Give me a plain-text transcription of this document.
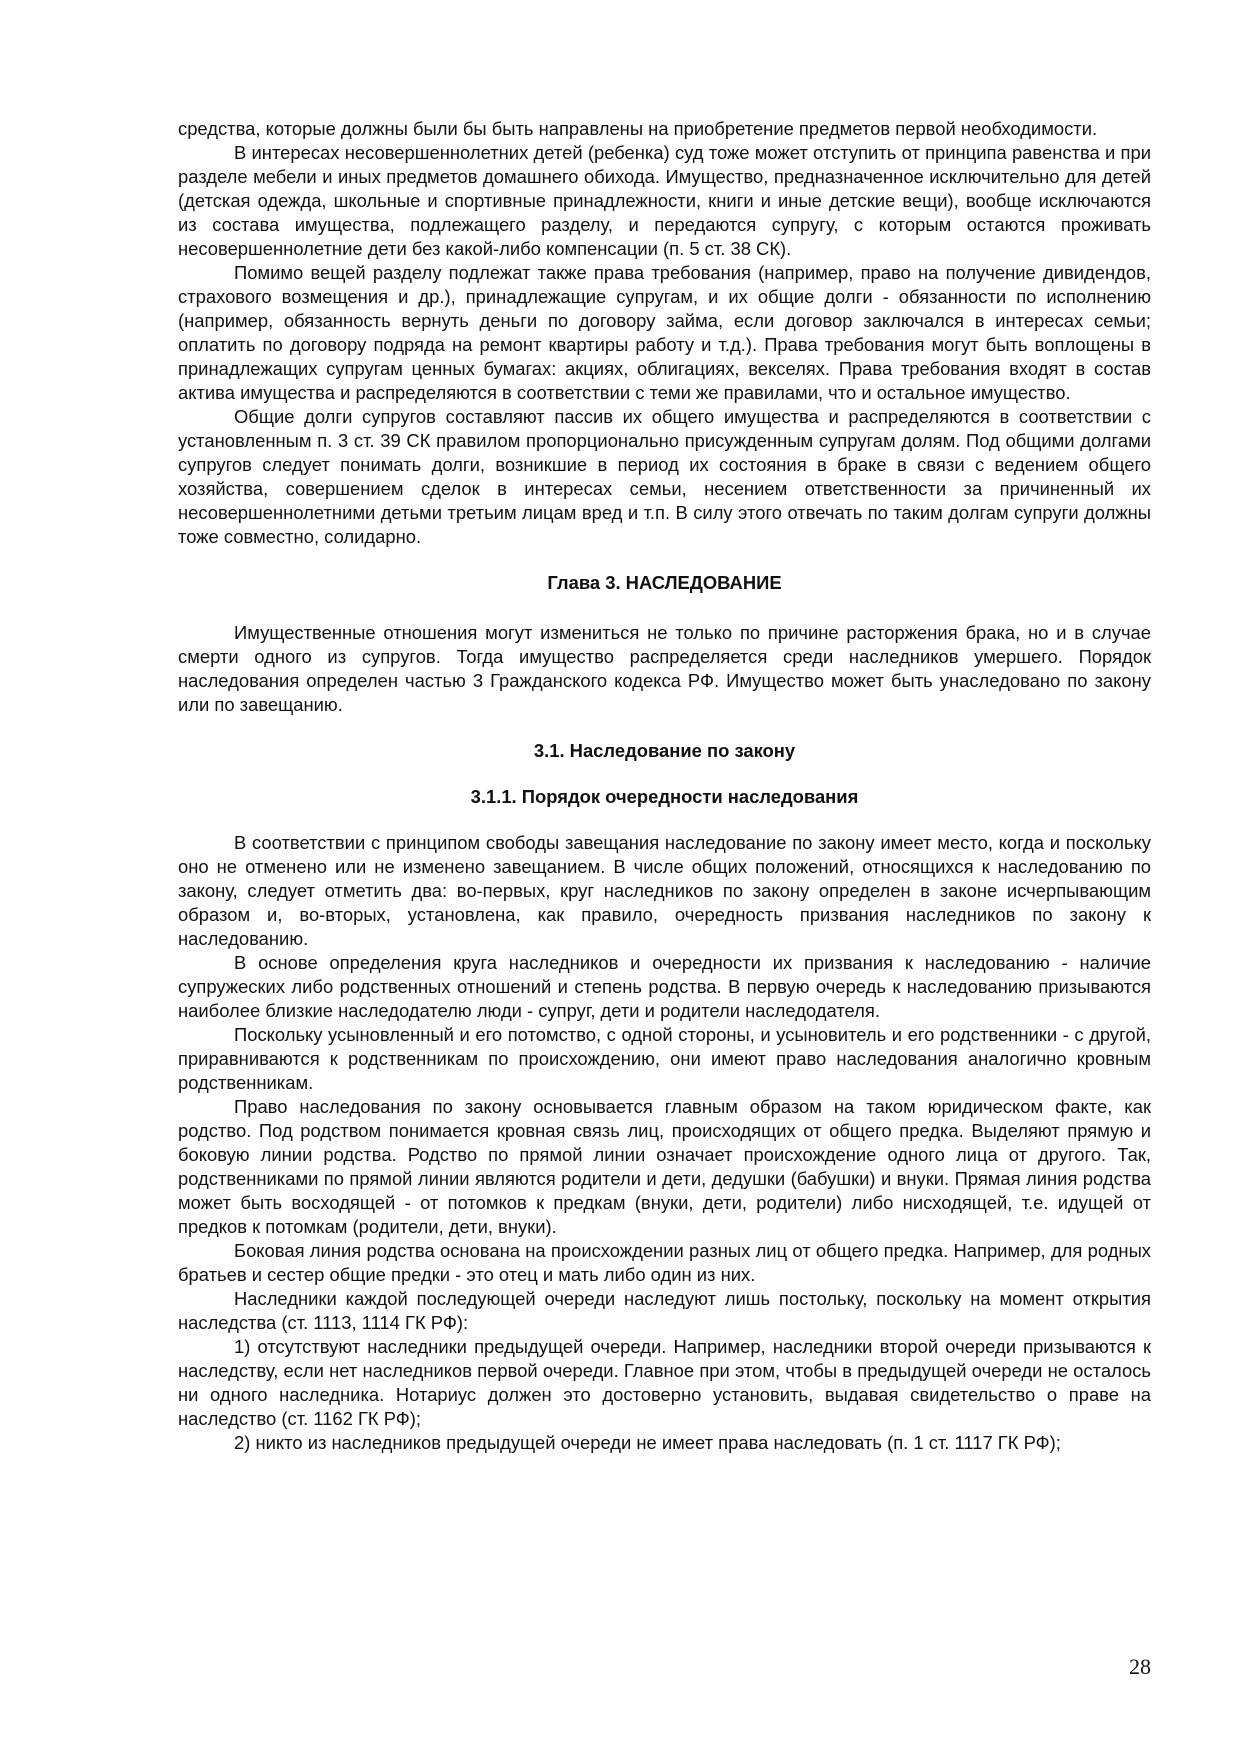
средства, которые должны были бы быть направлены на приобретение предметов первой необходимости.

В интересах несовершеннолетних детей (ребенка) суд тоже может отступить от принципа равенства и при разделе мебели и иных предметов домашнего обихода. Имущество, предназначенное исключительно для детей (детская одежда, школьные и спортивные принадлежности, книги и иные детские вещи), вообще исключаются из состава имущества, подлежащего разделу, и передаются супругу, с которым остаются проживать несовершеннолетние дети без какой-либо компенсации (п. 5 ст. 38 СК).

Помимо вещей разделу подлежат также права требования (например, право на получение дивидендов, страхового возмещения и др.), принадлежащие супругам, и их общие долги - обязанности по исполнению (например, обязанность вернуть деньги по договору займа, если договор заключался в интересах семьи; оплатить по договору подряда на ремонт квартиры работу и т.д.). Права требования могут быть воплощены в принадлежащих супругам ценных бумагах: акциях, облигациях, векселях. Права требования входят в состав актива имущества и распределяются в соответствии с теми же правилами, что и остальное имущество.

Общие долги супругов составляют пассив их общего имущества и распределяются в соответствии с установленным п. 3 ст. 39 СК правилом пропорционально присужденным супругам долям. Под общими долгами супругов следует понимать долги, возникшие в период их состояния в браке в связи с ведением общего хозяйства, совершением сделок в интересах семьи, несением ответственности за причиненный их несовершеннолетними детьми третьим лицам вред и т.п. В силу этого отвечать по таким долгам супруги должны тоже совместно, солидарно.

Глава 3. НАСЛЕДОВАНИЕ

Имущественные отношения могут измениться не только по причине расторжения брака, но и в случае смерти одного из супругов. Тогда имущество распределяется среди наследников умершего. Порядок наследования определен частью 3 Гражданского кодекса РФ. Имущество может быть унаследовано по закону или по завещанию.

3.1. Наследование по закону
3.1.1. Порядок очередности наследования

В соответствии с принципом свободы завещания наследование по закону имеет место, когда и поскольку оно не отменено или не изменено завещанием. В числе общих положений, относящихся к наследованию по закону, следует отметить два: во-первых, круг наследников по закону определен в законе исчерпывающим образом и, во-вторых, установлена, как правило, очередность призвания наследников по закону к наследованию.

В основе определения круга наследников и очередности их призвания к наследованию - наличие супружеских либо родственных отношений и степень родства. В первую очередь к наследованию призываются наиболее близкие наследодателю люди - супруг, дети и родители наследодателя.

Поскольку усыновленный и его потомство, с одной стороны, и усыновитель и его родственники - с другой, приравниваются к родственникам по происхождению, они имеют право наследования аналогично кровным родственникам.

Право наследования по закону основывается главным образом на таком юридическом факте, как родство. Под родством понимается кровная связь лиц, происходящих от общего предка. Выделяют прямую и боковую линии родства. Родство по прямой линии означает происхождение одного лица от другого. Так, родственниками по прямой линии являются родители и дети, дедушки (бабушки) и внуки. Прямая линия родства может быть восходящей - от потомков к предкам (внуки, дети, родители) либо нисходящей, т.е. идущей от предков к потомкам (родители, дети, внуки).

Боковая линия родства основана на происхождении разных лиц от общего предка. Например, для родных братьев и сестер общие предки - это отец и мать либо один из них.

Наследники каждой последующей очереди наследуют лишь постольку, поскольку на момент открытия наследства (ст. 1113, 1114 ГК РФ):

1) отсутствуют наследники предыдущей очереди. Например, наследники второй очереди призываются к наследству, если нет наследников первой очереди. Главное при этом, чтобы в предыдущей очереди не осталось ни одного наследника. Нотариус должен это достоверно установить, выдавая свидетельство о праве на наследство (ст. 1162 ГК РФ);

2) никто из наследников предыдущей очереди не имеет права наследовать (п. 1 ст. 1117 ГК РФ);

28
